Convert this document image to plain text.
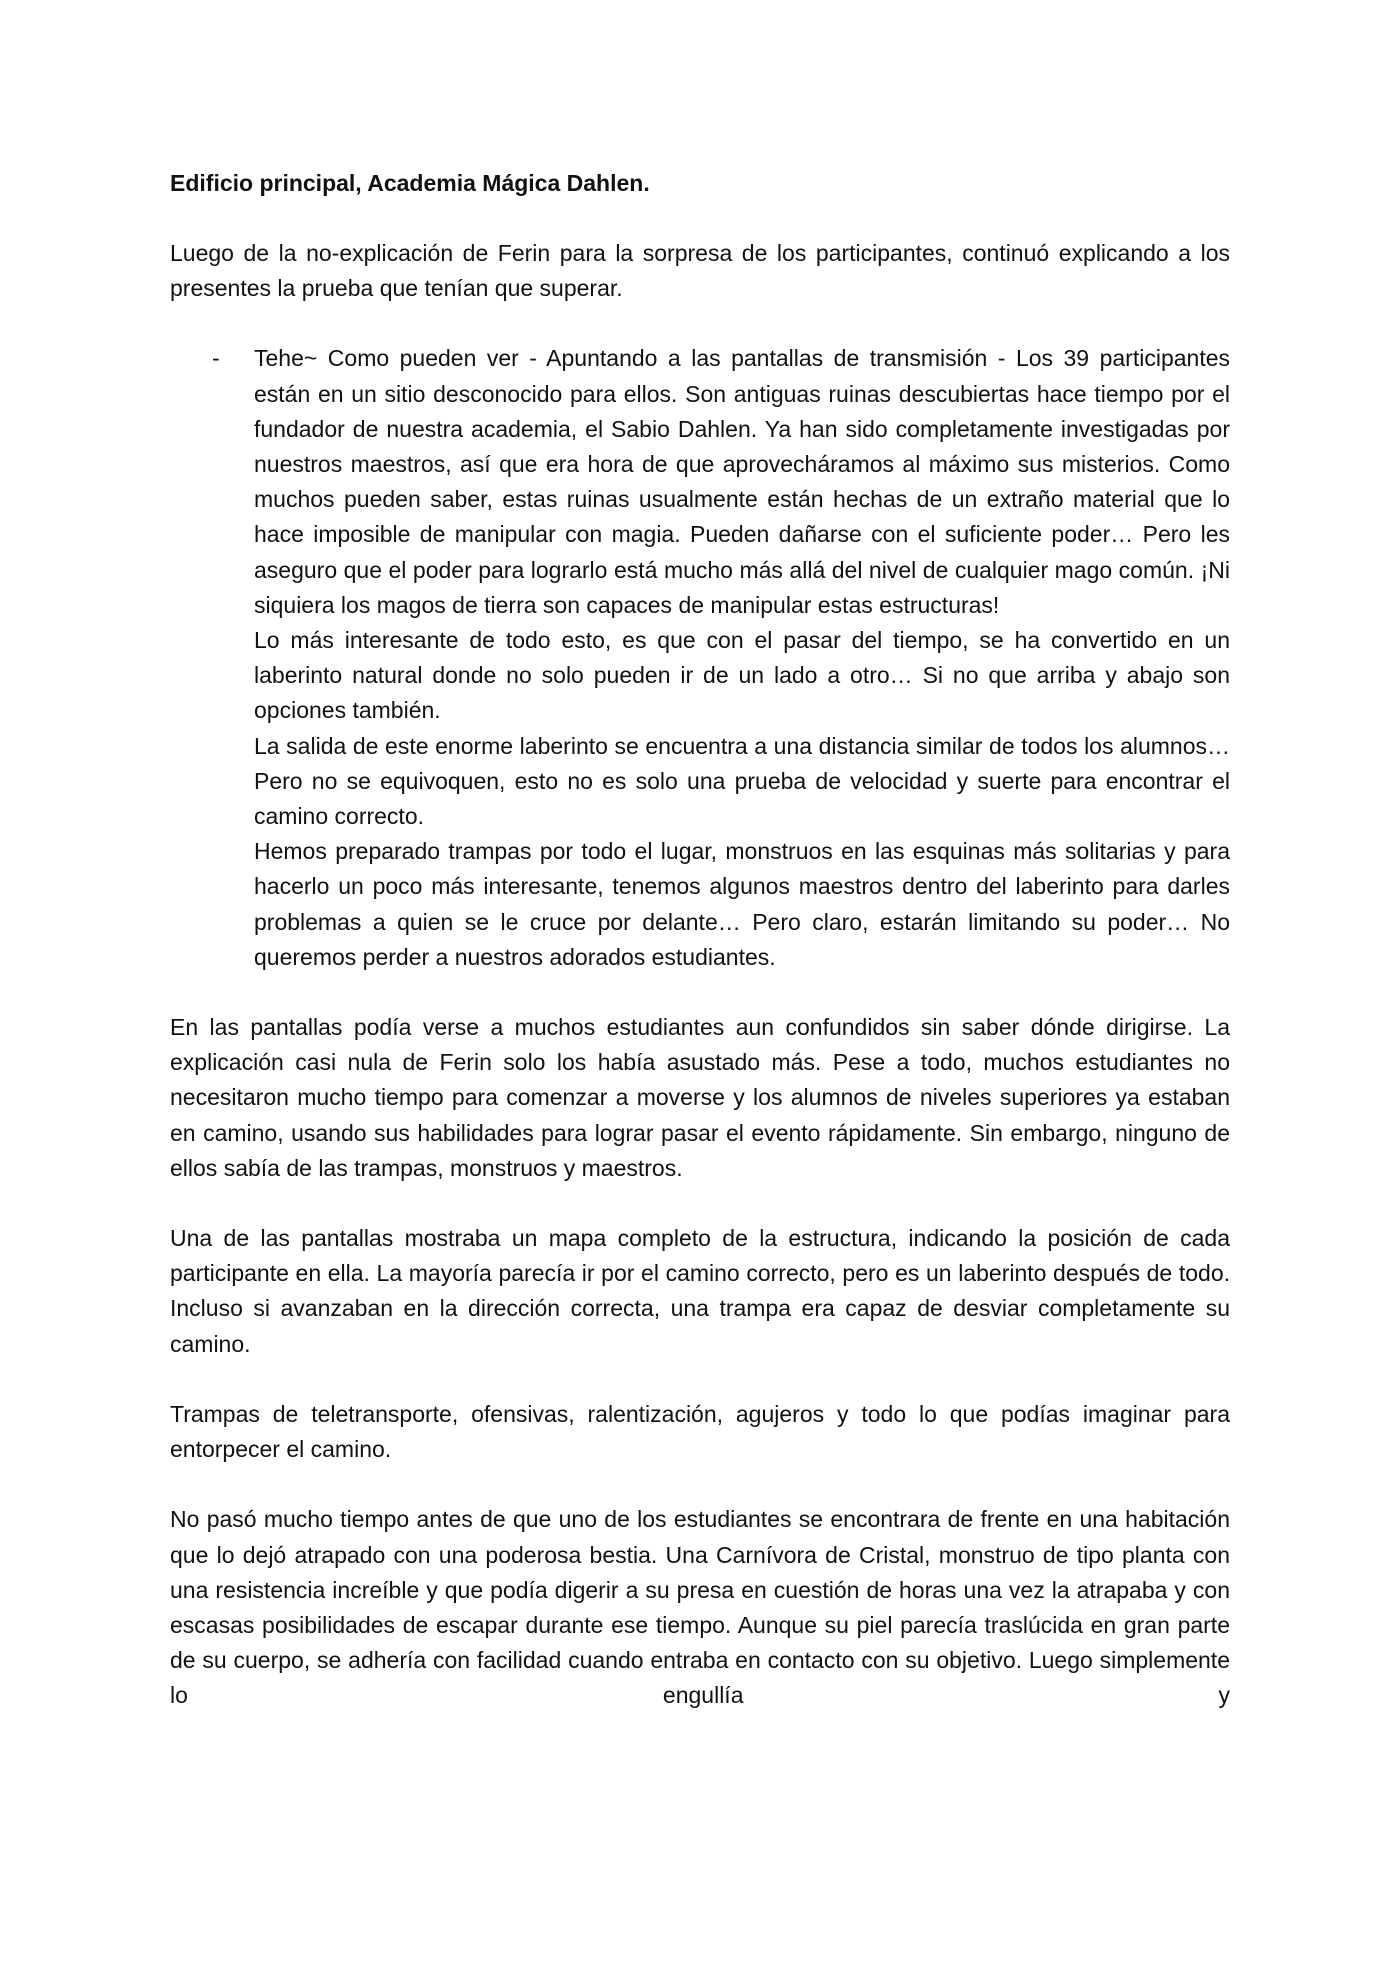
Edificio principal, Academia Mágica Dahlen.

Luego de la no-explicación de Ferin para la sorpresa de los participantes, continuó explicando a los presentes la prueba que tenían que superar.

- Tehe~ Como pueden ver - Apuntando a las pantallas de transmisión - Los 39 participantes están en un sitio desconocido para ellos. Son antiguas ruinas descubiertas hace tiempo por el fundador de nuestra academia, el Sabio Dahlen. Ya han sido completamente investigadas por nuestros maestros, así que era hora de que aprovecháramos al máximo sus misterios. Como muchos pueden saber, estas ruinas usualmente están hechas de un extraño material que lo hace imposible de manipular con magia. Pueden dañarse con el suficiente poder… Pero les aseguro que el poder para lograrlo está mucho más allá del nivel de cualquier mago común. ¡Ni siquiera los magos de tierra son capaces de manipular estas estructuras!

Lo más interesante de todo esto, es que con el pasar del tiempo, se ha convertido en un laberinto natural donde no solo pueden ir de un lado a otro… Si no que arriba y abajo son opciones también.

La salida de este enorme laberinto se encuentra a una distancia similar de todos los alumnos… Pero no se equivoquen, esto no es solo una prueba de velocidad y suerte para encontrar el camino correcto.

Hemos preparado trampas por todo el lugar, monstruos en las esquinas más solitarias y para hacerlo un poco más interesante, tenemos algunos maestros dentro del laberinto para darles problemas a quien se le cruce por delante… Pero claro, estarán limitando su poder… No queremos perder a nuestros adorados estudiantes.

En las pantallas podía verse a muchos estudiantes aun confundidos sin saber dónde dirigirse. La explicación casi nula de Ferin solo los había asustado más. Pese a todo, muchos estudiantes no necesitaron mucho tiempo para comenzar a moverse y los alumnos de niveles superiores ya estaban en camino, usando sus habilidades para lograr pasar el evento rápidamente. Sin embargo, ninguno de ellos sabía de las trampas, monstruos y maestros.

Una de las pantallas mostraba un mapa completo de la estructura, indicando la posición de cada participante en ella. La mayoría parecía ir por el camino correcto, pero es un laberinto después de todo. Incluso si avanzaban en la dirección correcta, una trampa era capaz de desviar completamente su camino.

Trampas de teletransporte, ofensivas, ralentización, agujeros y todo lo que podías imaginar para entorpecer el camino.

No pasó mucho tiempo antes de que uno de los estudiantes se encontrara de frente en una habitación que lo dejó atrapado con una poderosa bestia. Una Carnívora de Cristal, monstruo de tipo planta con una resistencia increíble y que podía digerir a su presa en cuestión de horas una vez la atrapaba y con escasas posibilidades de escapar durante ese tiempo. Aunque su piel parecía traslúcida en gran parte de su cuerpo, se adhería con facilidad cuando entraba en contacto con su objetivo. Luego simplemente lo engullía y
